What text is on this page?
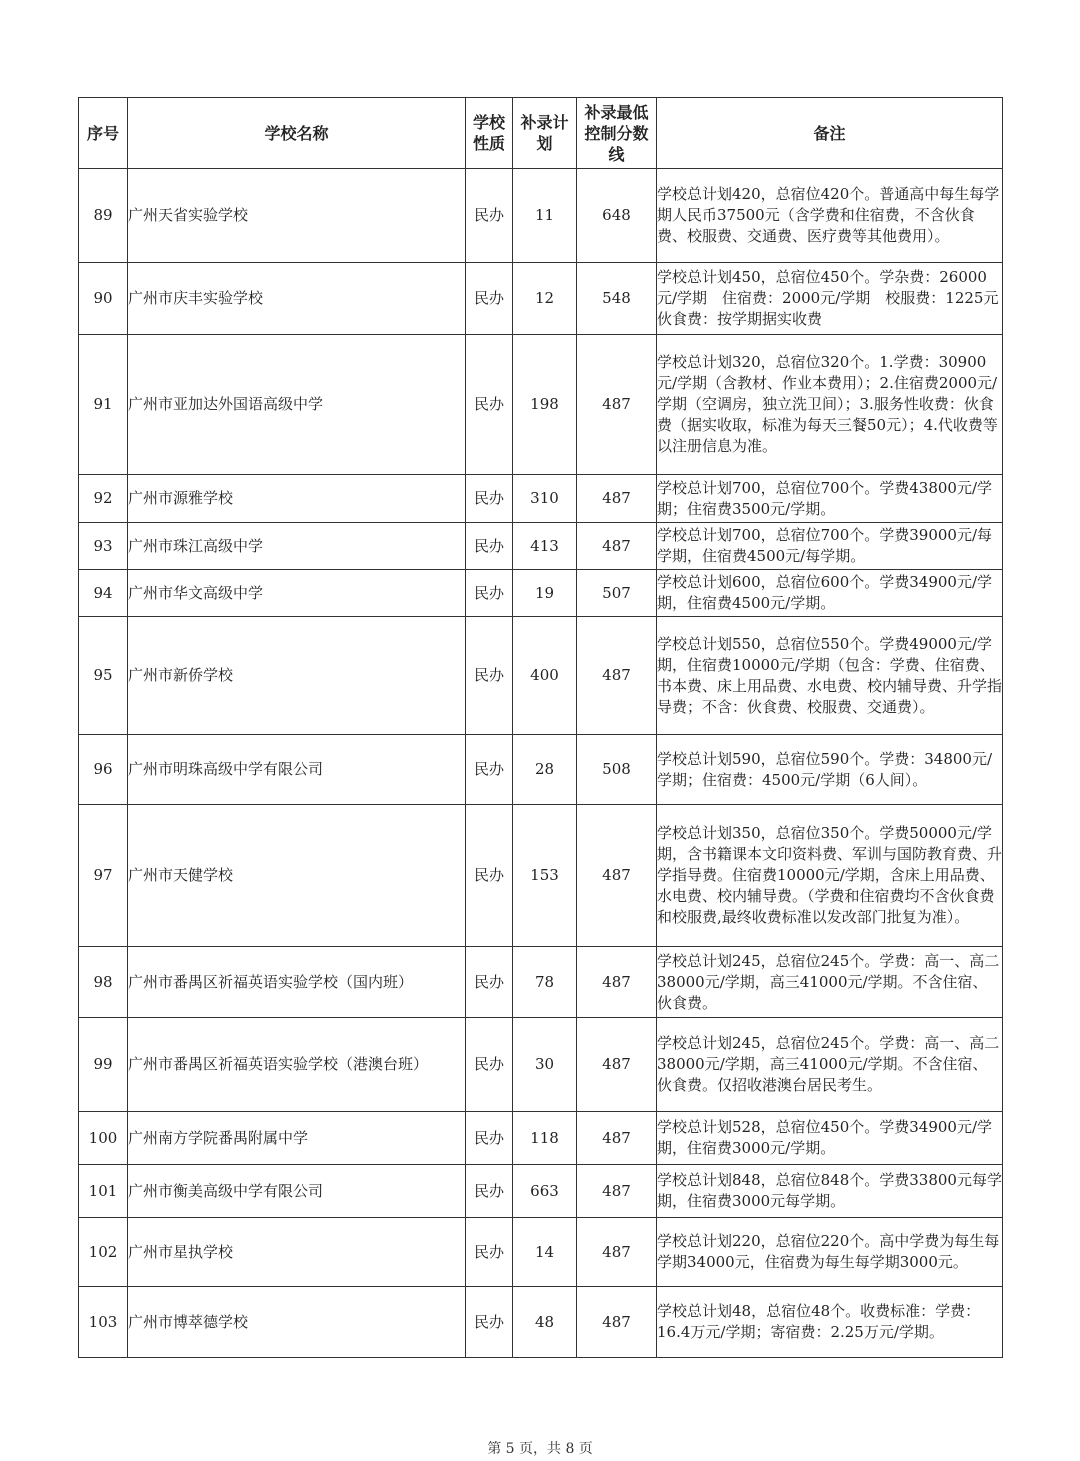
序号	学校名称	学校性质	补录计划	补录最低控制分数线	备注
89	广州天省实验学校	民办	11	648	学校总计划420，总宿位420个。普通高中每生每学期人民币37500元（含学费和住宿费，不含伙食费、校服费、交通费、医疗费等其他费用）。
90	广州市庆丰实验学校	民办	12	548	学校总计划450，总宿位450个。学杂费：26000元/学期　住宿费：2000元/学期　校服费：1225元　伙食费：按学期据实收费
91	广州市亚加达外国语高级中学	民办	198	487	学校总计划320，总宿位320个。1.学费：30900元/学期（含教材、作业本费用）；2.住宿费2000元/学期（空调房，独立洗卫间）；3.服务性收费：伙食费（据实收取，标准为每天三餐50元）；4.代收费等以注册信息为准。
92	广州市源雅学校	民办	310	487	学校总计划700，总宿位700个。学费43800元/学期；住宿费3500元/学期。
93	广州市珠江高级中学	民办	413	487	学校总计划700，总宿位700个。学费39000元/每学期，住宿费4500元/每学期。
94	广州市华文高级中学	民办	19	507	学校总计划600，总宿位600个。学费34900元/学期，住宿费4500元/学期。
95	广州市新侨学校	民办	400	487	学校总计划550，总宿位550个。学费49000元/学期，住宿费10000元/学期（包含：学费、住宿费、书本费、床上用品费、水电费、校内辅导费、升学指导费；不含：伙食费、校服费、交通费）。
96	广州市明珠高级中学有限公司	民办	28	508	学校总计划590，总宿位590个。学费：34800元/学期；住宿费：4500元/学期（6人间）。
97	广州市天健学校	民办	153	487	学校总计划350，总宿位350个。学费50000元/学期，含书籍课本文印资料费、军训与国防教育费、升学指导费。住宿费10000元/学期，含床上用品费、水电费、校内辅导费。（学费和住宿费均不含伙食费和校服费,最终收费标准以发改部门批复为准）。
98	广州市番禺区祈福英语实验学校（国内班）	民办	78	487	学校总计划245，总宿位245个。学费：高一、高二38000元/学期，高三41000元/学期。不含住宿、伙食费。
99	广州市番禺区祈福英语实验学校（港澳台班）	民办	30	487	学校总计划245，总宿位245个。学费：高一、高二38000元/学期，高三41000元/学期。不含住宿、伙食费。仅招收港澳台居民考生。
100	广州南方学院番禺附属中学	民办	118	487	学校总计划528，总宿位450个。学费34900元/学期，住宿费3000元/学期。
101	广州市衡美高级中学有限公司	民办	663	487	学校总计划848，总宿位848个。学费33800元每学期，住宿费3000元每学期。
102	广州市星执学校	民办	14	487	学校总计划220，总宿位220个。高中学费为每生每学期34000元，住宿费为每生每学期3000元。
103	广州市博萃德学校	民办	48	487	学校总计划48，总宿位48个。收费标准：学费：16.4万元/学期；寄宿费：2.25万元/学期。
第 5 页，共 8 页
